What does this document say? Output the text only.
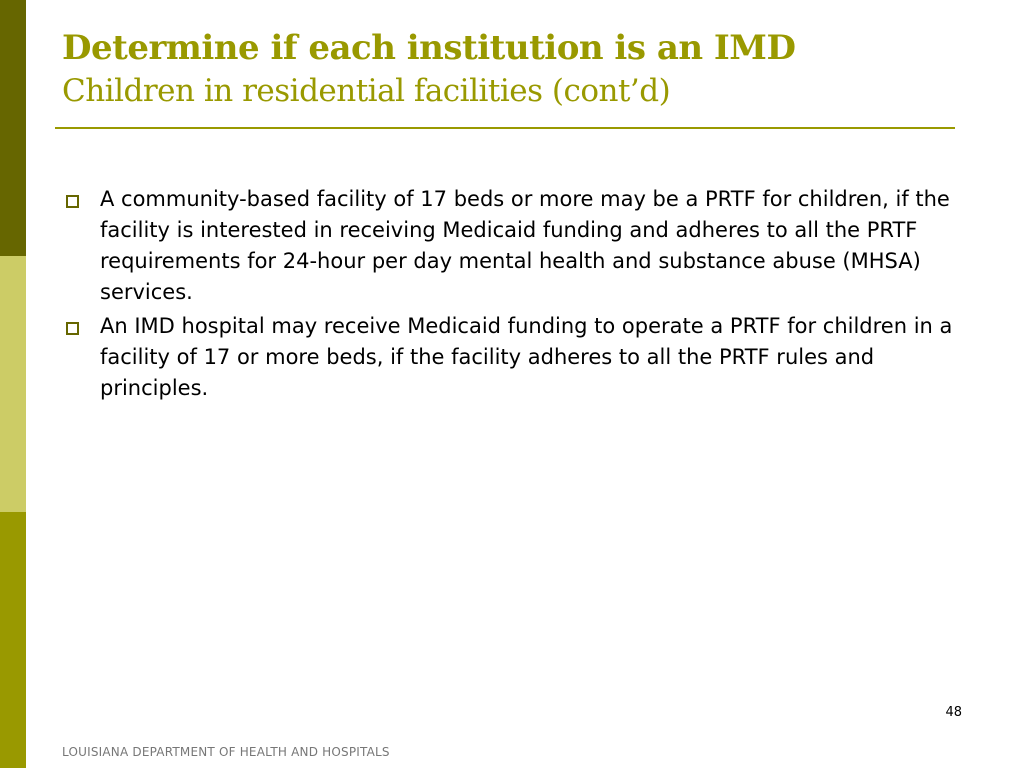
Determine if each institution is an IMD
Children in residential facilities (cont’d)
A community-based facility of 17 beds or more may be a PRTF for children, if the facility is interested in receiving Medicaid funding and adheres to all the PRTF requirements for 24-hour per day mental health and substance abuse (MHSA) services.
An IMD hospital may receive Medicaid funding to operate a PRTF for children in a facility of 17 or more beds, if the facility adheres to all the PRTF rules and principles.
48
LOUISIANA DEPARTMENT OF HEALTH AND HOSPITALS
